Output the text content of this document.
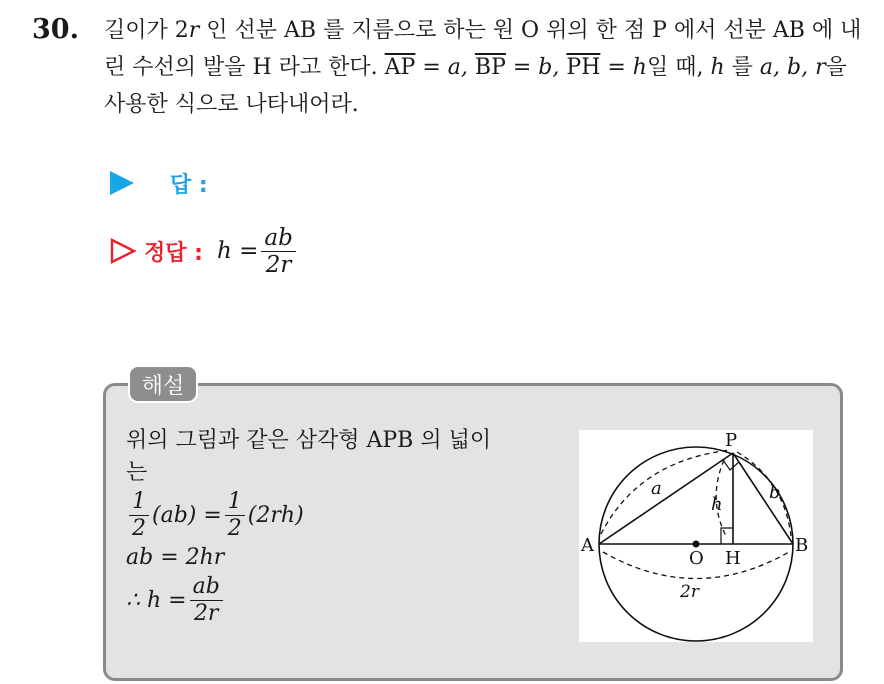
30. 길이가 2r 인 선분 AB 를 지름으로 하는 원 O 위의 한 점 P 에서 선분 AB 에 내린 수선의 발을 H 라고 한다. $\overline{AP} = a$, $\overline{BP} = b$, $\overline{PH} = h$일 때, h 를 a, b, r을 사용한 식으로 나타내어라.
답 :
정답 : $h = \frac{ab}{2r}$
해설
위의 그림과 같은 삼각형 APB 의 넓이
는
$\frac{1}{2} (ab) = \frac{1}{2} (2rh)$
ab = 2hr
∴ $h = \frac{ab}{2r}$
P
A	B
O H
a	b
h
2r
